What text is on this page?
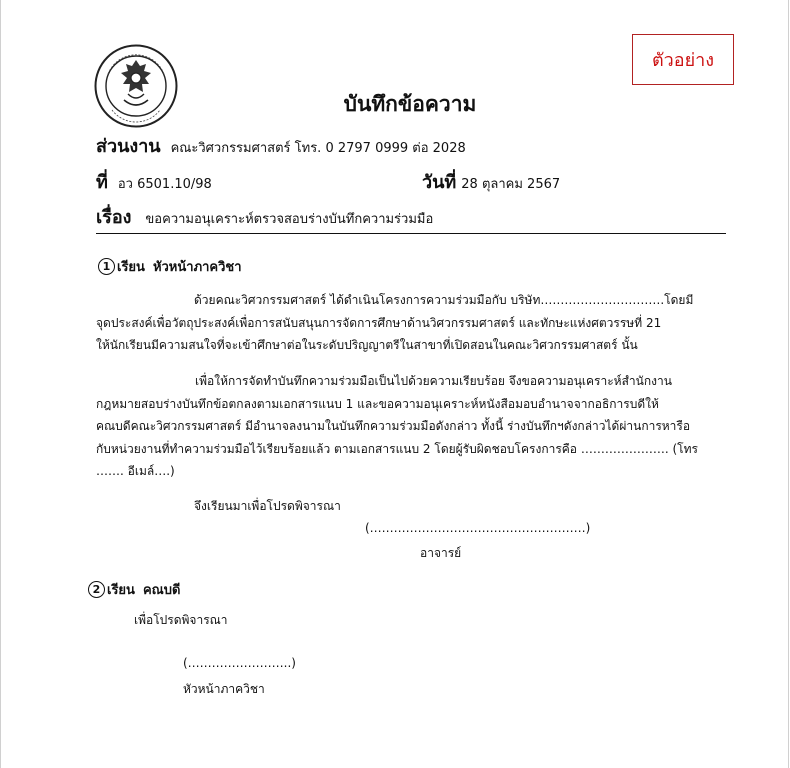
ตัวอย่าง
บันทึกข้อความ
ส่วนงาน คณะวิศวกรรมศาสตร์ โทร. 0 2797 0999 ต่อ 2028
ที่ อว 6501.10/98	วันที่ 28 ตุลาคม 2567
เรื่อง ขอความอนุเคราะห์ตรวจสอบร่างบันทึกความร่วมมือ
1 เรียน หัวหน้าภาควิชา

ด้วยคณะวิศวกรรมศาสตร์ ได้ดำเนินโครงการความร่วมมือกับ บริษัท………………………….โดยมี
จุดประสงค์เพื่อวัตถุประสงค์เพื่อการสนับสนุนการจัดการศึกษาด้านวิศวกรรมศาสตร์ และทักษะแห่งศตวรรษที่ 21
ให้นักเรียนมีความสนใจที่จะเข้าศึกษาต่อในระดับปริญญาตรีในสาขาที่เปิดสอนในคณะวิศวกรรมศาสตร์ นั้น

เพื่อให้การจัดทำบันทึกความร่วมมือเป็นไปด้วยความเรียบร้อย จึงขอความอนุเคราะห์สำนักงาน
กฎหมายสอบร่างบันทึกข้อตกลงตามเอกสารแนบ 1 และขอความอนุเคราะห์หนังสือมอบอำนาจจากอธิการบดีให้
คณบดีคณะวิศวกรรมศาสตร์ มีอำนาจลงนามในบันทึกความร่วมมือดังกล่าว ทั้งนี้ ร่างบันทึกฯดังกล่าวได้ผ่านการหารือ
กับหน่วยงานที่ทำความร่วมมือไว้เรียบร้อยแล้ว ตามเอกสารแนบ 2 โดยผู้รับผิดชอบโครงการคือ …………………. (โทร
……. อีเมล์….)

จึงเรียนมาเพื่อโปรดพิจารณา
(………………………………………………)
อาจารย์
2 เรียน คณบดี
เพื่อโปรดพิจารณา
(……………………..)
หัวหน้าภาควิชา
